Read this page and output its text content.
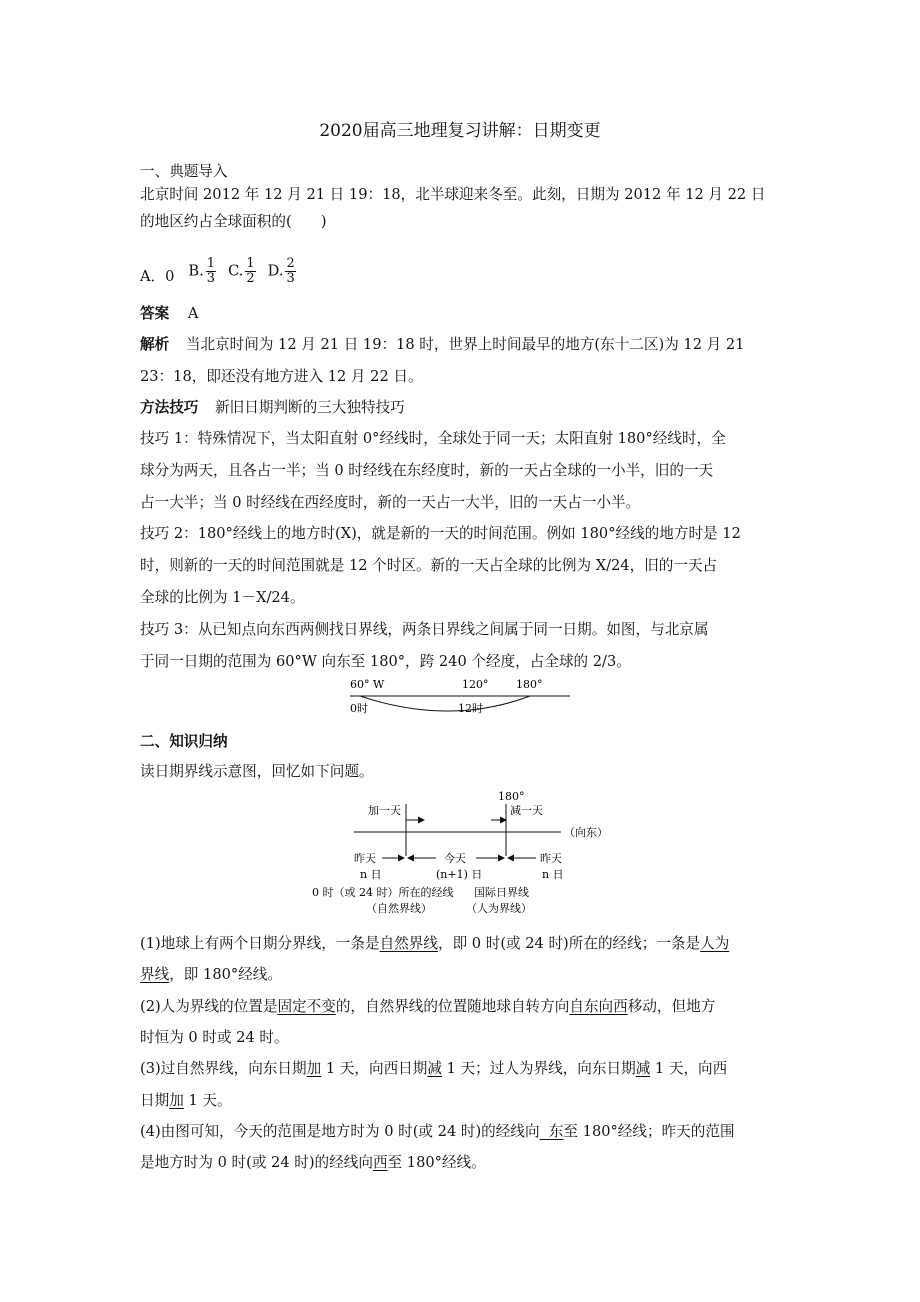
2020届高三地理复习讲解：日期变更
一、典题导入
北京时间 2012 年 12 月 21 日 19：18，北半球迎来冬至。此刻，日期为 2012 年 12 月 22 日
的地区约占全球面积的(　　)
A．0 B. $\frac{1}{3} C$. $\frac{1}{2} D$. $\frac{2}{3}$
答案 A
解析 当北京时间为 12 月 21 日 19：18 时，世界上时间最早的地方(东十二区)为 12 月 21
23：18，即还没有地方进入 12 月 22 日。
方法技巧 新旧日期判断的三大独特技巧
技巧 1：特殊情况下，当太阳直射 0°经线时，全球处于同一天；太阳直射 180°经线时，全
球分为两天，且各占一半；当 0 时经线在东经度时，新的一天占全球的一小半，旧的一天
占一大半；当 0 时经线在西经度时，新的一天占一大半，旧的一天占一小半。
技巧 2：180°经线上的地方时(X)，就是新的一天的时间范围。例如 180°经线的地方时是 12
时，则新的一天的时间范围就是 12 个时区。新的一天占全球的比例为 X/24，旧的一天占
全球的比例为 1－X/24。
技巧 3：从已知点向东西两侧找日界线，两条日界线之间属于同一日期。如图，与北京属
于同一日期的范围为 60°W 向东至 180°，跨 240 个经度，占全球的 2/3。
60° W	120°	180°
0时	12时
二、知识归纳
读日期界线示意图，回忆如下问题。
180°
加一天	减一天
（向东）
昨天	今天	昨天
n 日	(n+1) 日	n 日
0 时（或 24 时）所在的经线 国际日界线
（自然界线）	（人为界线）
(1)地球上有两个日期分界线，一条是自然界线，即 0 时(或 24 时)所在的经线；一条是人为
界线，即 180°经线。
(2)人为界线的位置是固定不变的，自然界线的位置随地球自转方向自东向西移动，但地方
时恒为 0 时或 24 时。
(3)过自然界线，向东日期加 1 天，向西日期减 1 天；过人为界线，向东日期减 1 天，向西
日期加 1 天。
(4)由图可知，今天的范围是地方时为 0 时(或 24 时)的经线向  东至 180°经线；昨天的范围
是地方时为 0 时(或 24 时)的经线向西至 180°经线。
